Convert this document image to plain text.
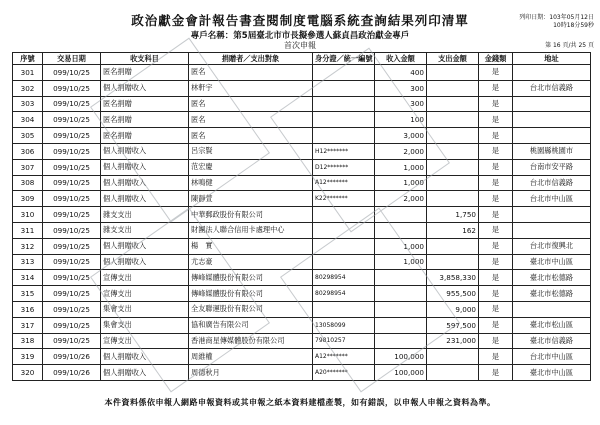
政治獻金會計報告書查閱制度電腦系統查詢結果列印清單
專戶名稱：第5屆臺北市市長擬參選人蘇貞昌政治獻金專戶
首次申報
列印日期：103年05月12日
10時18分59秒
第 16 頁/共 25 頁
序號	交易日期	收支科目	捐贈者／支出對象	身分證／統一編號	收入金額	支出金額	金錢類	地址
301	099/10/25	匿名捐贈	匿名		400		是	
302	099/10/25	個人捐贈收入	林軒宇		300		是	台北市信義路
303	099/10/25	匿名捐贈	匿名		300		是	
304	099/10/25	匿名捐贈	匿名		100		是	
305	099/10/25	匿名捐贈	匿名		3,000		是	
306	099/10/25	個人捐贈收入	呂宗賢	H12*******	2,000		是	桃園縣桃園市
307	099/10/25	個人捐贈收入	范宏慶	D12*******	1,000		是	台南市安平路
308	099/10/25	個人捐贈收入	林鳴健	A12*******	1,000		是	台北市信義路
309	099/10/25	個人捐贈收入	陳靜萱	K22*******	2,000		是	台北市中山區
310	099/10/25	雜支支出	中華郵政股份有限公司			1,750	是	
311	099/10/25	雜支支出	財團法人聯合信用卡處理中心			162	是	
312	099/10/25	個人捐贈收入	楊　實		1,000		是	台北市復興北
313	099/10/25	個人捐贈收入	尤志豪		1,000		是	臺北市中山區
314	099/10/25	宣傳支出	傳峰媒體股份有限公司	80298954		3,858,330	是	臺北市松德路
315	099/10/25	宣傳支出	傳峰媒體股份有限公司	80298954		955,500	是	臺北市松德路
316	099/10/25	集會支出	全友聯運股份有限公司			9,000	是	
317	099/10/25	集會支出	協和廣告有限公司	13058099		597,500	是	臺北市松山區
318	099/10/25	宣傳支出	香港商星傳媒體股份有限公司	79810257		231,000	是	臺北市信義路
319	099/10/26	個人捐贈收入	周維權	A12*******	100,000		是	台北市中山區
320	099/10/26	個人捐贈收入	周德秋月	A20*******	100,000		是	臺北市中山區
本件資料係依申報人網路申報資料或其申報之紙本資料建檔產製，如有錯誤，以申報人申報之資料為準。
